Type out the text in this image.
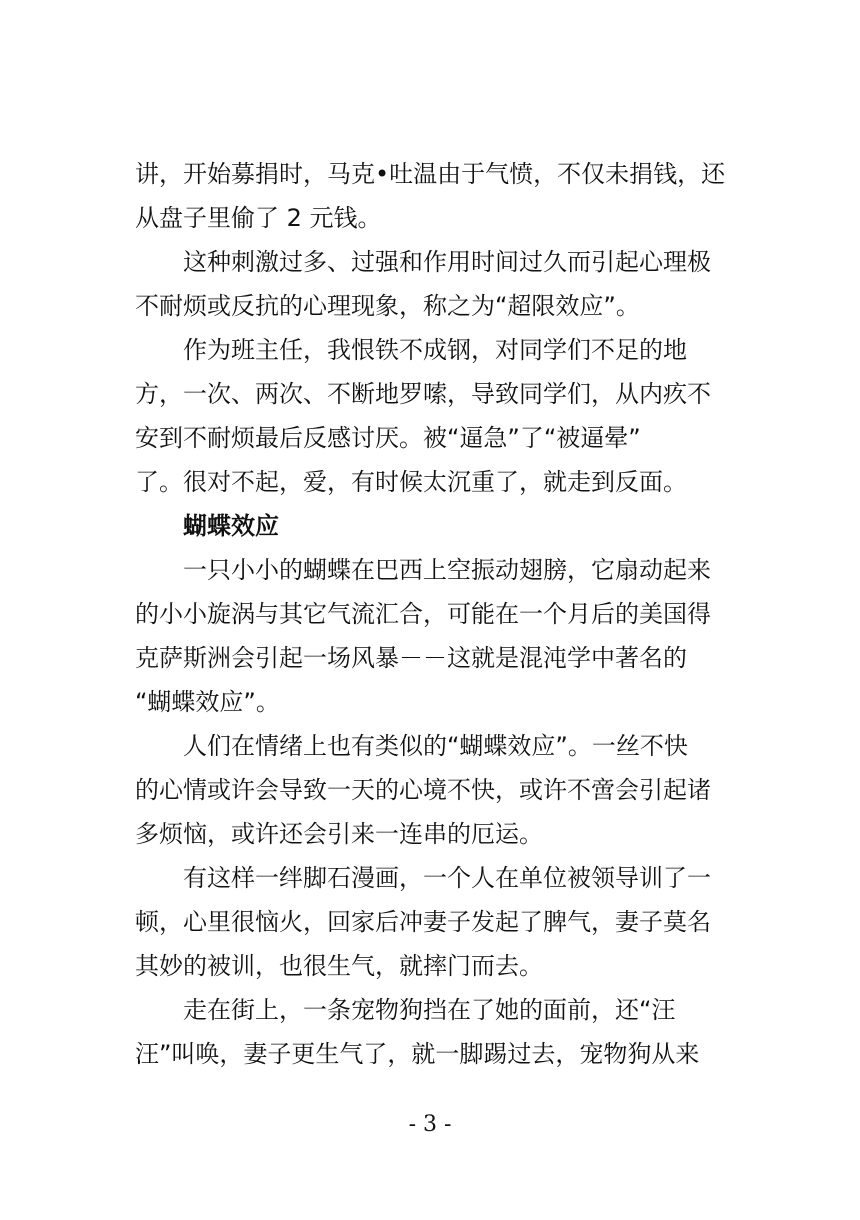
讲，开始募捐时，马克•吐温由于气愤，不仅未捐钱，还
从盘子里偷了 2 元钱。
这种刺激过多、过强和作用时间过久而引起心理极
不耐烦或反抗的心理现象，称之为“超限效应”。
作为班主任，我恨铁不成钢，对同学们不足的地
方，一次、两次、不断地罗嗦，导致同学们，从内疚不
安到不耐烦最后反感讨厌。被“逼急”了“被逼晕”
了。很对不起，爱，有时候太沉重了，就走到反面。
蝴蝶效应
一只小小的蝴蝶在巴西上空振动翅膀，它扇动起来
的小小旋涡与其它气流汇合，可能在一个月后的美国得
克萨斯洲会引起一场风暴－－这就是混沌学中著名的
“蝴蝶效应”。
人们在情绪上也有类似的“蝴蝶效应”。一丝不快
的心情或许会导致一天的心境不快，或许不啻会引起诸
多烦恼，或许还会引来一连串的厄运。
有这样一绊脚石漫画，一个人在单位被领导训了一
顿，心里很恼火，回家后冲妻子发起了脾气，妻子莫名
其妙的被训，也很生气，就摔门而去。
走在街上，一条宠物狗挡在了她的面前，还“汪
汪”叫唤，妻子更生气了，就一脚踢过去，宠物狗从来
- 3 -
